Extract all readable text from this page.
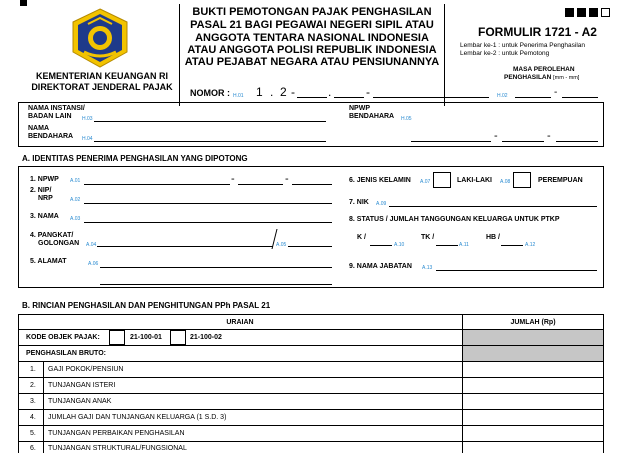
KEMENTERIAN KEUANGAN RI
DIREKTORAT JENDERAL PAJAK
BUKTI PEMOTONGAN PAJAK PENGHASILAN
PASAL 21 BAGI PEGAWAI NEGERI SIPIL ATAU
ANGGOTA TENTARA NASIONAL INDONESIA
ATAU ANGGOTA POLISI REPUBLIK INDONESIA
ATAU PEJABAT NEGARA ATAU PENSIUNANNYA
NOMOR : H.01 1 . 2 -	.	-	H.02	-
FORMULIR 1721 - A2
Lembar ke-1 : untuk Penerima Penghasilan
Lembar ke-2 : untuk Pemotong
MASA PEROLEHAN
PENGHASILAN [mm - mm]
NAMA INSTANSI/
BADAN LAIN H.03
NAMA
BENDAHARA H.04
NPWP
BENDAHARA H.05
-	-
A. IDENTITAS PENERIMA PENGHASILAN YANG DIPOTONG
1. NPWP A.01	-	-
2. NIP/
NRP	A.02
3. NAMA A.03
4. PANGKAT/
GOLONGAN A.04	A.05
5. ALAMAT	A.06
6. JENIS KELAMIN A.07	LAKI-LAKI A.08	PEREMPUAN
7. NIK A.09
8. STATUS / JUMLAH TANGGUNGAN KELUARGA UNTUK PTKP
K /
A.10
TK /
A.11
HB /
A.12
9. NAMA JABATAN A.13
B. RINCIAN PENGHASILAN DAN PENGHITUNGAN PPh PASAL 21
URAIAN	JUMLAH (Rp)
KODE OBJEK PAJAK:	21-100-01	21-100-02
PENGHASILAN BRUTO:
1. GAJI POKOK/PENSIUN
2. TUNJANGAN ISTERI
3. TUNJANGAN ANAK
4. JUMLAH GAJI DAN TUNJANGAN KELUARGA (1 S.D. 3)
5. TUNJANGAN PERBAIKAN PENGHASILAN
6. TUNJANGAN STRUKTURAL/FUNGSIONAL
